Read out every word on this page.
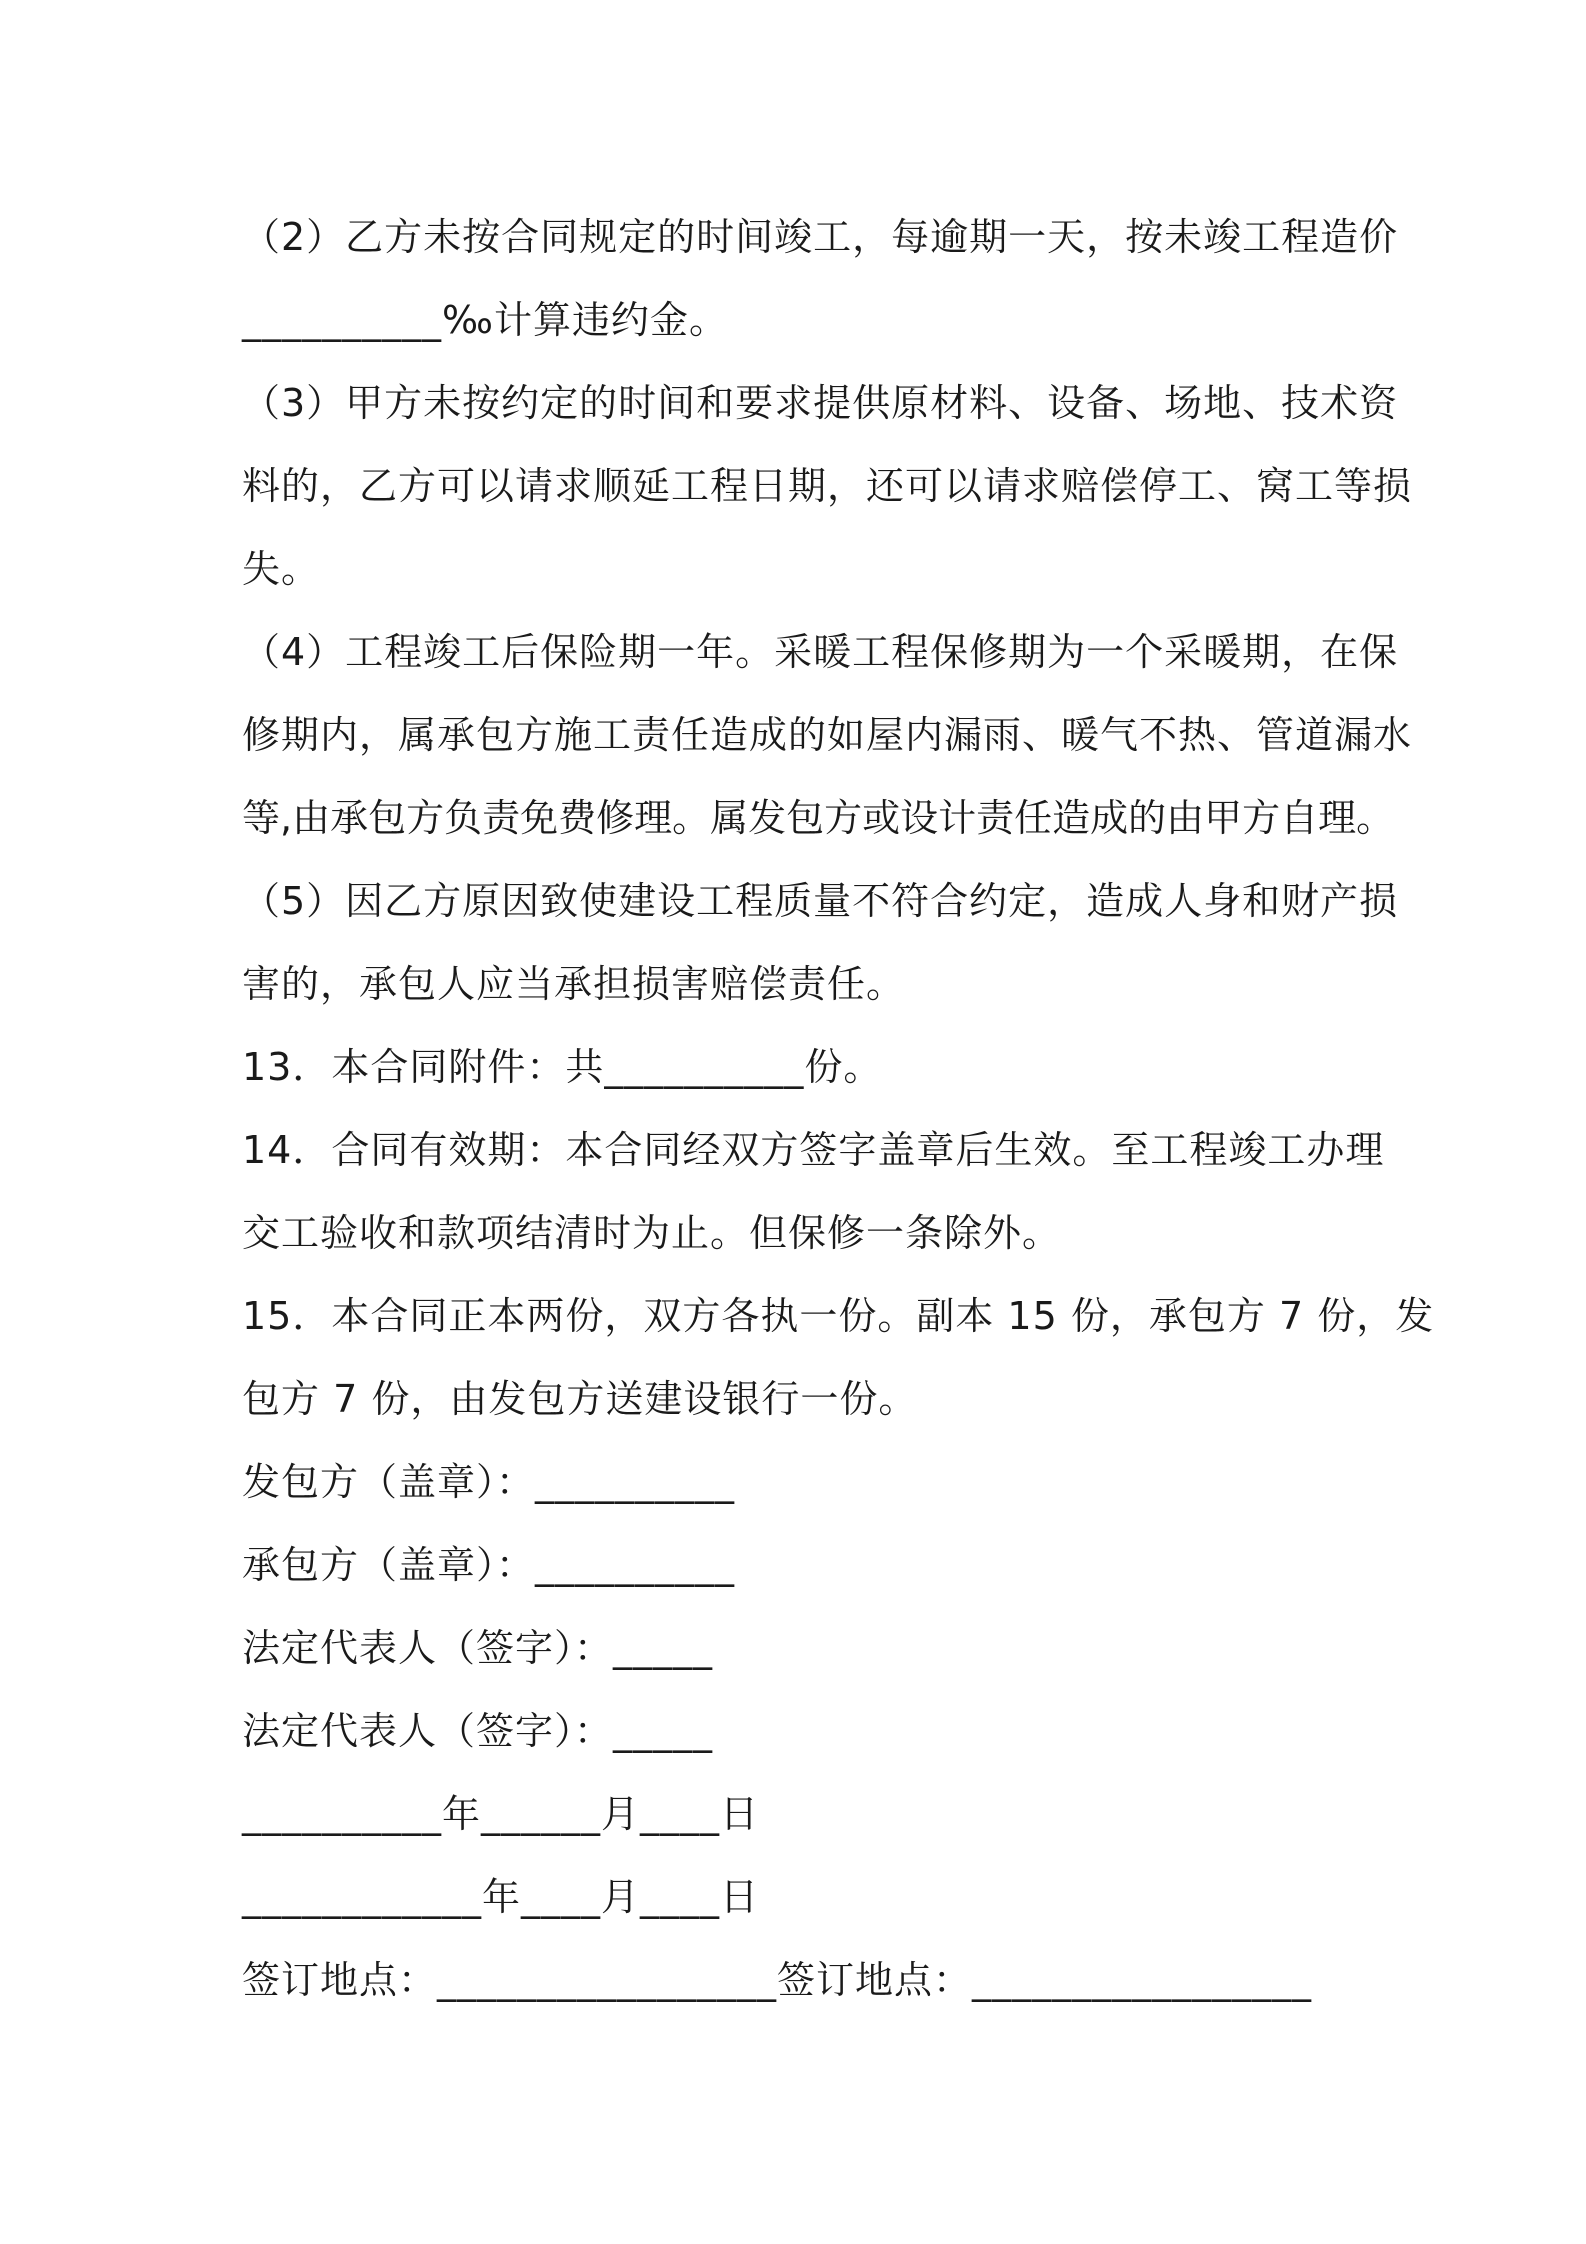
（2）乙方未按合同规定的时间竣工，每逾期一天，按未竣工程造价
__________‰计算违约金。
（3）甲方未按约定的时间和要求提供原材料、设备、场地、技术资
料的，乙方可以请求顺延工程日期，还可以请求赔偿停工、窝工等损
失。
（4）工程竣工后保险期一年。采暖工程保修期为一个采暖期，在保
修期内，属承包方施工责任造成的如屋内漏雨、暖气不热、管道漏水
等,由承包方负责免费修理。属发包方或设计责任造成的由甲方自理。
（5）因乙方原因致使建设工程质量不符合约定，造成人身和财产损
害的，承包人应当承担损害赔偿责任。
13．本合同附件：共__________份。
14．合同有效期：本合同经双方签字盖章后生效。至工程竣工办理
交工验收和款项结清时为止。但保修一条除外。
15．本合同正本两份，双方各执一份。副本 15 份，承包方 7 份，发
包方 7 份，由发包方送建设银行一份。
发包方（盖章）：__________
承包方（盖章）：__________
法定代表人（签字）：_____
法定代表人（签字）：_____
__________年______月____日
____________年____月____日
签订地点：_________________签订地点：_________________
